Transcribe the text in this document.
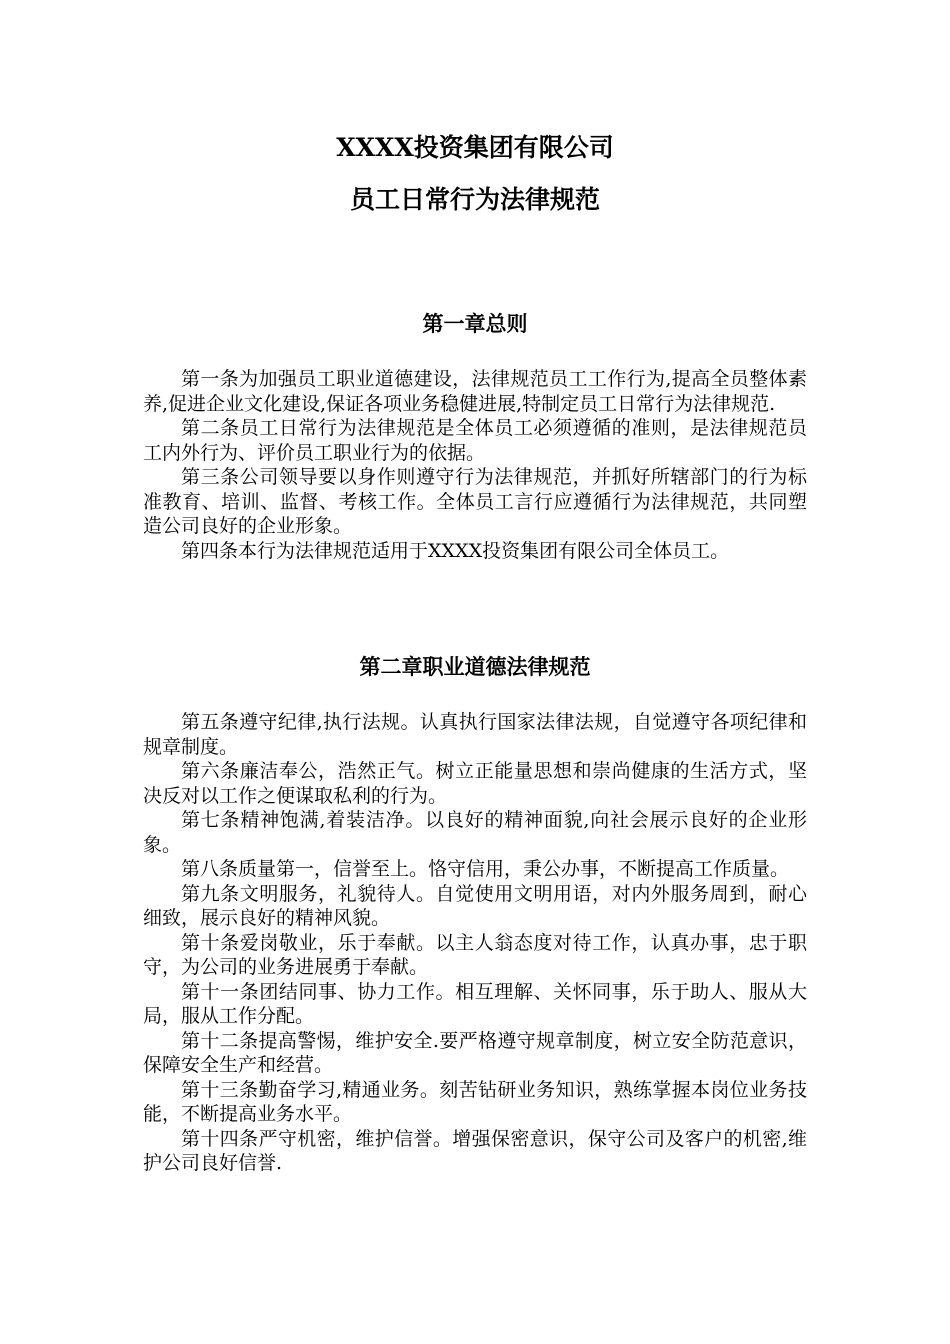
XXXX投资集团有限公司
员工日常行为法律规范
第一章总则

第一条为加强员工职业道德建设，法律规范员工工作行为,提高全员整体素养,促进企业文化建设,保证各项业务稳健进展,特制定员工日常行为法律规范.

第二条员工日常行为法律规范是全体员工必须遵循的准则，是法律规范员工内外行为、评价员工职业行为的依据。

第三条公司领导要以身作则遵守行为法律规范，并抓好所辖部门的行为标准教育、培训、监督、考核工作。全体员工言行应遵循行为法律规范，共同塑造公司良好的企业形象。

第四条本行为法律规范适用于XXXX投资集团有限公司全体员工。

第二章职业道德法律规范

第五条遵守纪律,执行法规。认真执行国家法律法规，自觉遵守各项纪律和规章制度。

第六条廉洁奉公，浩然正气。树立正能量思想和崇尚健康的生活方式，坚决反对以工作之便谋取私利的行为。

第七条精神饱满,着装洁净。以良好的精神面貌,向社会展示良好的企业形象。

第八条质量第一，信誉至上。恪守信用，秉公办事，不断提高工作质量。

第九条文明服务，礼貌待人。自觉使用文明用语，对内外服务周到，耐心细致，展示良好的精神风貌。

第十条爱岗敬业，乐于奉献。以主人翁态度对待工作，认真办事，忠于职守，为公司的业务进展勇于奉献。

第十一条团结同事、协力工作。相互理解、关怀同事，乐于助人、服从大局，服从工作分配。

第十二条提高警惕，维护安全.要严格遵守规章制度，树立安全防范意识，保障安全生产和经营。

第十三条勤奋学习,精通业务。刻苦钻研业务知识，熟练掌握本岗位业务技能，不断提高业务水平。

第十四条严守机密，维护信誉。增强保密意识，保守公司及客户的机密,维护公司良好信誉.
